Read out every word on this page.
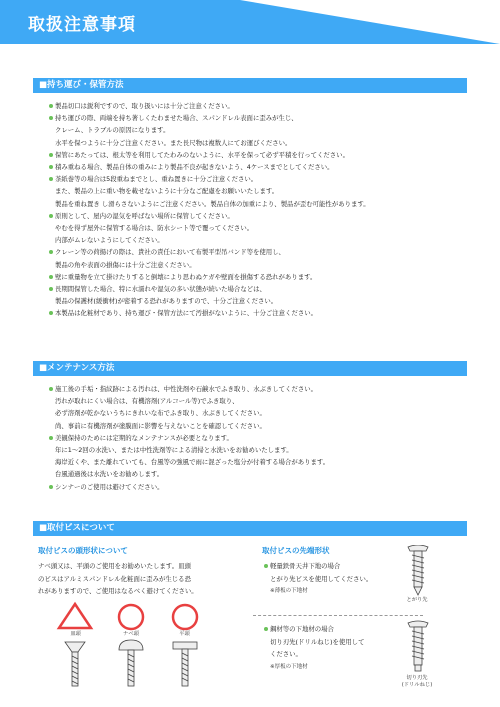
取扱注意事項
■持ち運び・保管方法
製品切口は鋭利ですので、取り扱いには十分ご注意ください。
持ち運びの際、両端を持ち著しくたわませた場合、スパンドレル表面に歪みが生じ、
クレーム、トラブルの原因になります。
水平を保つように十分ご注意ください。また長尺物は複数人にてお運びください。
保管にあたっては、根太等を利用してたわみのないように、水平を保って必ず平積を行ってください。
積み重ねる場合、製品自体の重みにより製品不良が起きないよう、4ケースまでとしてください。
茶紙巻等の場合は5段重ねまでとし、重ね置きに十分ご注意ください。
また、製品の上に重い物を載せないように十分なご配慮をお願いいたします。
製品を重ね置き し滑らさないようにご注意ください。製品自体の加重により、製品が歪む可能性があります。
原則として、屋内の湿気を呼ばない場所に保管してください。
やむを得ず屋外に保管する場合は、防水シート等で覆ってください。
内部がムレないようにしてください。
クレーン等の荷揚げの際は、貴社の責任において布製平型吊バンド等を使用し、
製品の角や表面の損傷には十分ご注意ください。
壁に重量物を立て掛けたりすると倒壊により思わぬケガや壁面を損傷する恐れがあります。
長期間保管した場合、特に水濡れや湿気の多い状態が続いた場合などは、
製品の保護材(緩衝材)が密着する恐れがありますので、十分ご注意ください。
本製品は化粧材であり、持ち運び・保管方法にて汚損がないように、十分ご注意ください。
■メンテナンス方法
施工後の手垢・指紋跡による汚れは、中性洗剤や石鹸水でふき取り、水ぶきしてください。
汚れが取れにくい場合は、有機溶剤(アルコール等)でふき取り、
必ず溶剤が乾かないうちにきれいな布でふき取り、水ぶきしてください。
尚、事前に有機溶剤が塗膜面に影響を与えないことを確認してください。
美観保持のためには定期的なメンテナンスが必要となります。
年に1～2回の水洗い、または中性洗剤等による清掃と水洗いをお勧めいたします。
海岸近くや、また離れていても、台風等の強風で雨に混ざった塩分が付着する場合があります。
台風通過後は水洗いをお勧めします。
シンナーのご使用は避けてください。
■取付ビスについて
取付ビスの頭形状について
ナベ頭又は、平頭のご使用をお勧めいたします。皿頭
のビスはアルミスパンドレル化粧面に歪みが生じる恐
れがありますので、ご使用はなるべく避けてください。
皿頭	ナベ頭	平頭
取付ビスの先端形状
軽量鉄骨天井下地の場合
とがり先ビスを使用してください。
※薄板の下地材
鋼材等の下地材の場合
切り刃先(ドリルねじ)を使用して
ください。
※厚板の下地材
とがり先
切り刃先
(ドリルねじ)
